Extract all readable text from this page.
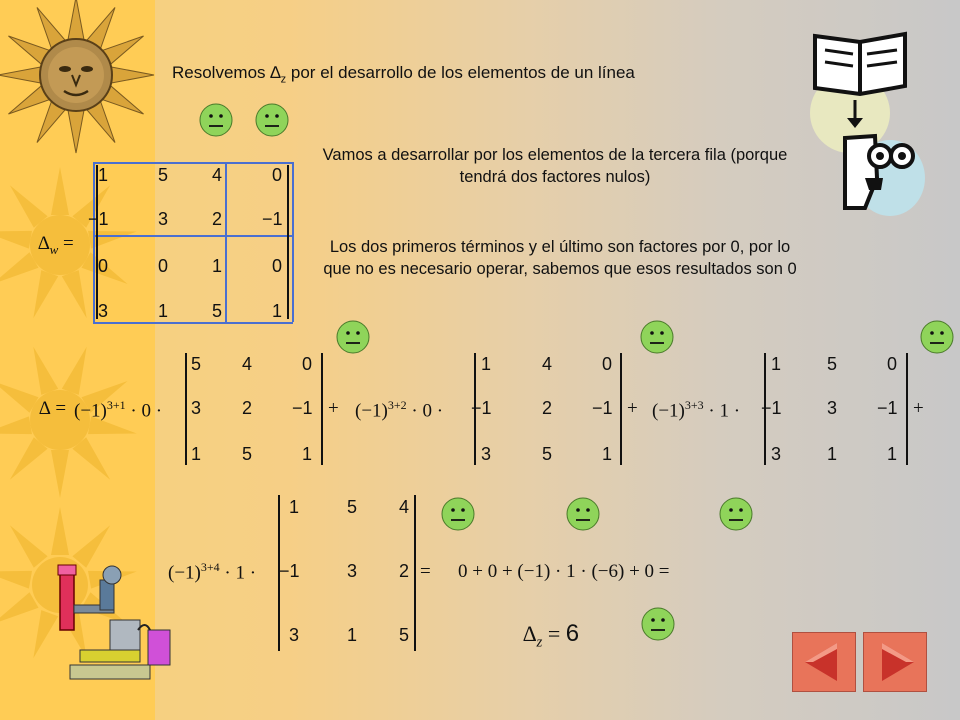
Resolvemos $\Delta_z$ por el desarrollo de los elementos de un línea
Vamos a desarrollar por los elementos de la tercera fila (porque tendrá dos factores nulos)
Los dos primeros términos y el último son factores por 0, por lo que no es necesario operar, sabemos que esos resultados son 0
$\Delta_w$ =
1	5 4	0
−1	3 2 −1
0	0 1	0
3	1 5	1
∆ = $(-1)^{3+1} \cdot 0$ ·	+
5 4	0
3 2 −1
1 5	1
$(-1)^{3+2} \cdot 0$ ·	+
1	4	0
−1	2 −1
3	5	1
$(-1)^{3+3} \cdot 1$ ·	+
1	5	0
−1	3 −1
3	1	1
$(-1)^{3+4} \cdot 1$ ·	=
1	5 4
−1	3 2
3	1 5
0 + 0 + (−1) · 1 · (−6) + 0 =
$\Delta_z = 6$
